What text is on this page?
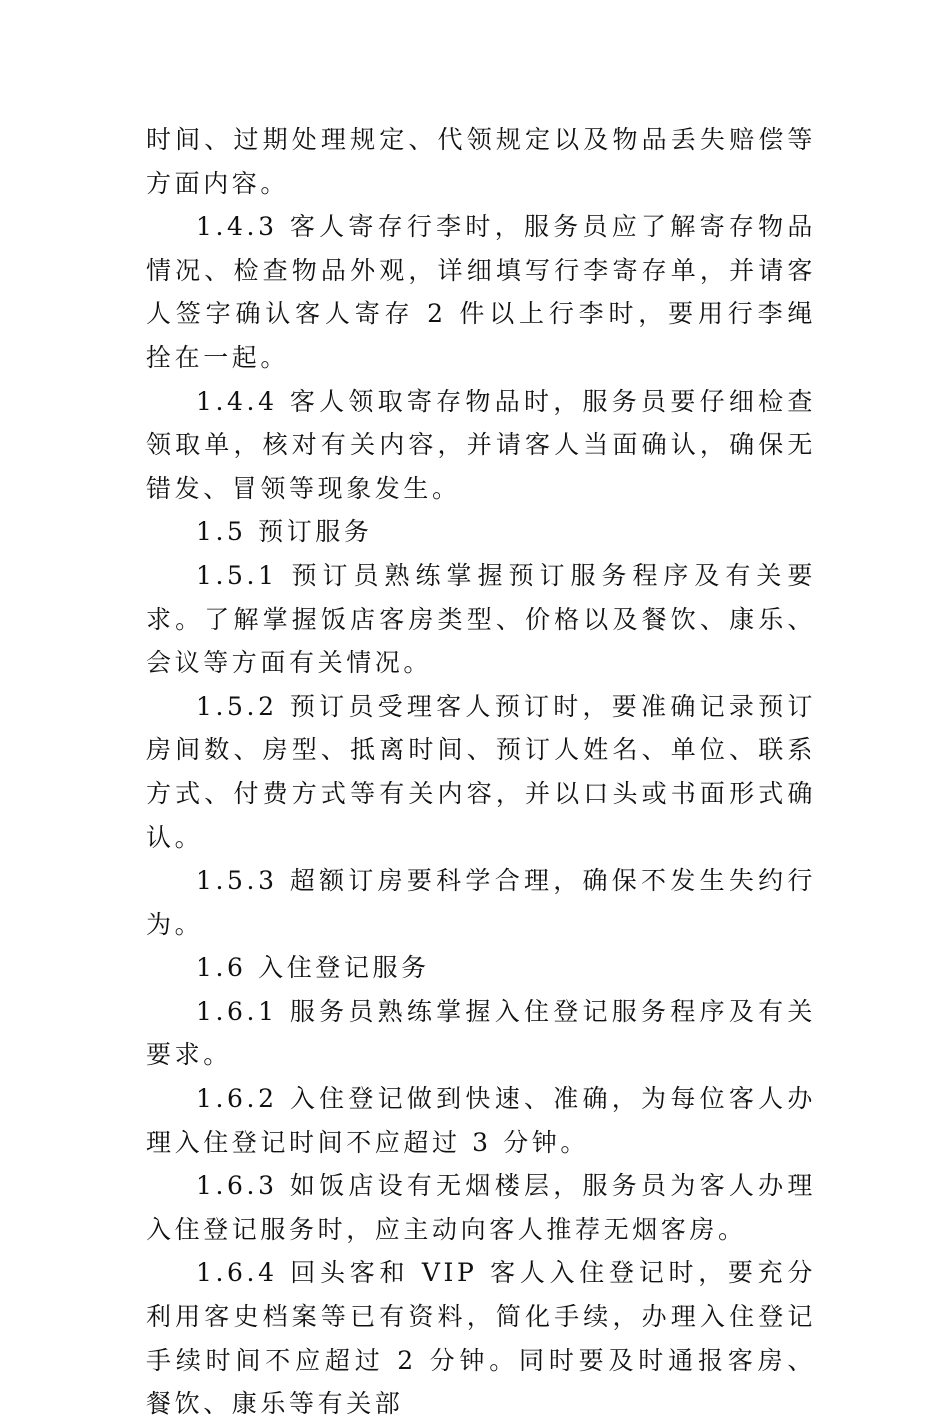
时间、过期处理规定、代领规定以及物品丢失赔偿等方面内容。

1.4.3 客人寄存行李时，服务员应了解寄存物品情况、检查物品外观，详细填写行李寄存单，并请客人签字确认客人寄存 2 件以上行李时，要用行李绳拴在一起。

1.4.4 客人领取寄存物品时，服务员要仔细检查领取单，核对有关内容，并请客人当面确认，确保无错发、冒领等现象发生。

1.5 预订服务

1.5.1 预订员熟练掌握预订服务程序及有关要求。了解掌握饭店客房类型、价格以及餐饮、康乐、会议等方面有关情况。

1.5.2 预订员受理客人预订时，要准确记录预订房间数、房型、抵离时间、预订人姓名、单位、联系方式、付费方式等有关内容，并以口头或书面形式确认。

1.5.3 超额订房要科学合理，确保不发生失约行为。

1.6 入住登记服务

1.6.1 服务员熟练掌握入住登记服务程序及有关要求。

1.6.2 入住登记做到快速、准确，为每位客人办理入住登记时间不应超过 3 分钟。

1.6.3 如饭店设有无烟楼层，服务员为客人办理入住登记服务时，应主动向客人推荐无烟客房。

1.6.4 回头客和 VIP 客人入住登记时，要充分利用客史档案等已有资料，简化手续，办理入住登记手续时间不应超过 2 分钟。同时要及时通报客房、餐饮、康乐等有关部
